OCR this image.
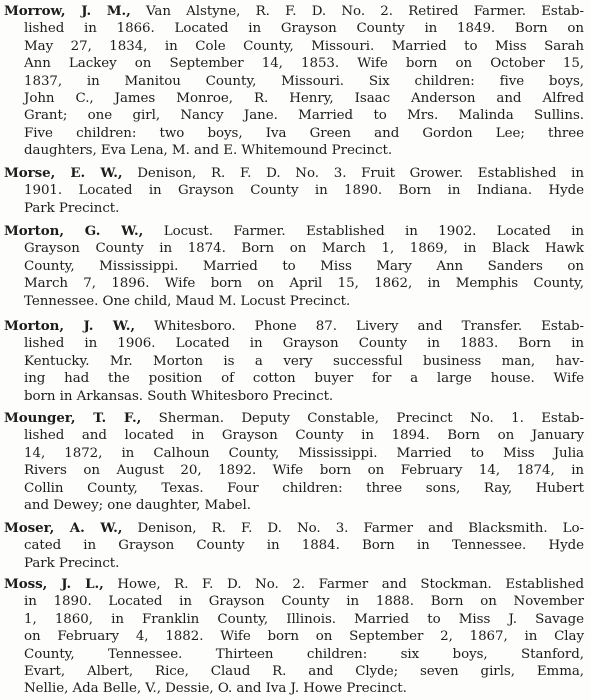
Morrow, J. M., Van Alstyne, R. F. D. No. 2. Retired Farmer. Estab-
lished in 1866. Located in Grayson County in 1849. Born on
May 27, 1834, in Cole County, Missouri. Married to Miss Sarah
Ann Lackey on September 14, 1853. Wife born on October 15,
1837, in Manitou County, Missouri. Six children: five boys,
John C., James Monroe, R. Henry, Isaac Anderson and Alfred
Grant; one girl, Nancy Jane. Married to Mrs. Malinda Sullins.
Five children: two boys, Iva Green and Gordon Lee; three
daughters, Eva Lena, M. and E. Whitemound Precinct.
Morse, E. W., Denison, R. F. D. No. 3. Fruit Grower. Established in
1901. Located in Grayson County in 1890. Born in Indiana. Hyde
Park Precinct.
Morton, G. W., Locust. Farmer. Established in 1902. Located in
Grayson County in 1874. Born on March 1, 1869, in Black Hawk
County, Mississippi. Married to Miss Mary Ann Sanders on
March 7, 1896. Wife born on April 15, 1862, in Memphis County,
Tennessee. One child, Maud M. Locust Precinct.
Morton, J. W., Whitesboro. Phone 87. Livery and Transfer. Estab-
lished in 1906. Located in Grayson County in 1883. Born in
Kentucky. Mr. Morton is a very successful business man, hav-
ing had the position of cotton buyer for a large house. Wife
born in Arkansas. South Whitesboro Precinct.
Mounger, T. F., Sherman. Deputy Constable, Precinct No. 1. Estab-
lished and located in Grayson County in 1894. Born on January
14, 1872, in Calhoun County, Mississippi. Married to Miss Julia
Rivers on August 20, 1892. Wife born on February 14, 1874, in
Collin County, Texas. Four children: three sons, Ray, Hubert
and Dewey; one daughter, Mabel.
Moser, A. W., Denison, R. F. D. No. 3. Farmer and Blacksmith. Lo-
cated in Grayson County in 1884. Born in Tennessee. Hyde
Park Precinct.
Moss, J. L., Howe, R. F. D. No. 2. Farmer and Stockman. Established
in 1890. Located in Grayson County in 1888. Born on November
1, 1860, in Franklin County, Illinois. Married to Miss J. Savage
on February 4, 1882. Wife born on September 2, 1867, in Clay
County, Tennessee. Thirteen children: six boys, Stanford,
Evart, Albert, Rice, Claud R. and Clyde; seven girls, Emma,
Nellie, Ada Belle, V., Dessie, O. and Iva J. Howe Precinct.
